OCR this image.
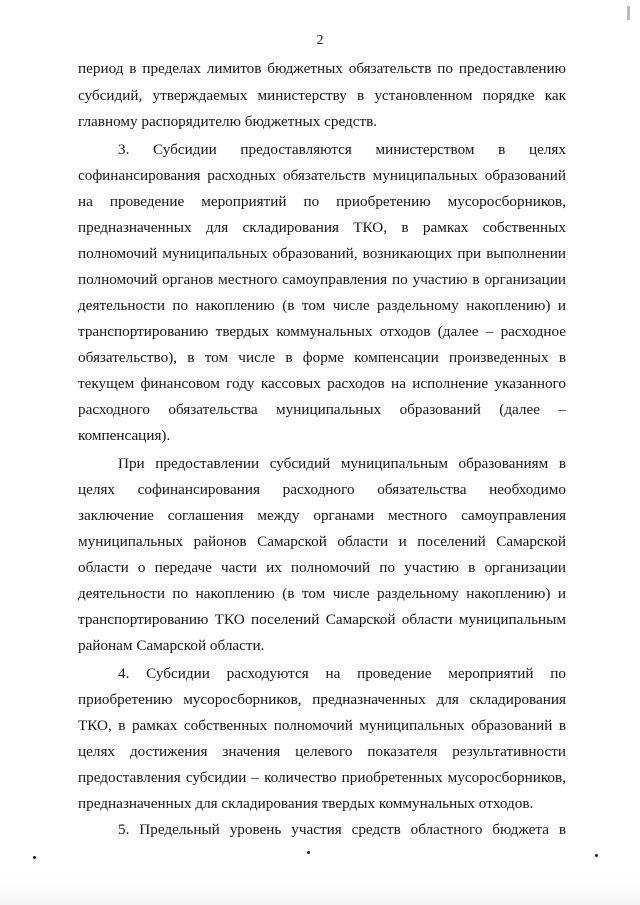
2
период в пределах лимитов бюджетных обязательств по предоставлению
субсидий, утверждаемых министерству в установленном порядке как
главному распорядителю бюджетных средств.
3. Субсидии предоставляются министерством в целях
софинансирования расходных обязательств муниципальных образований
на проведение мероприятий по приобретению мусоросборников,
предназначенных для складирования ТКО, в рамках собственных
полномочий муниципальных образований, возникающих при выполнении
полномочий органов местного самоуправления по участию в организации
деятельности по накоплению (в том числе раздельному накоплению) и
транспортированию твердых коммунальных отходов (далее – расходное
обязательство), в том числе в форме компенсации произведенных в
текущем финансовом году кассовых расходов на исполнение указанного
расходного обязательства муниципальных образований (далее –
компенсация).
При предоставлении субсидий муниципальным образованиям в
целях софинансирования расходного обязательства необходимо
заключение соглашения между органами местного самоуправления
муниципальных районов Самарской области и поселений Самарской
области о передаче части их полномочий по участию в организации
деятельности по накоплению (в том числе раздельному накоплению) и
транспортированию ТКО поселений Самарской области муниципальным
районам Самарской области.
4. Субсидии расходуются на проведение мероприятий по
приобретению мусоросборников, предназначенных для складирования
ТКО, в рамках собственных полномочий муниципальных образований в
целях достижения значения целевого показателя результативности
предоставления субсидии – количество приобретенных мусоросборников,
предназначенных для складирования твердых коммунальных отходов.
5. Предельный уровень участия средств областного бюджета в
